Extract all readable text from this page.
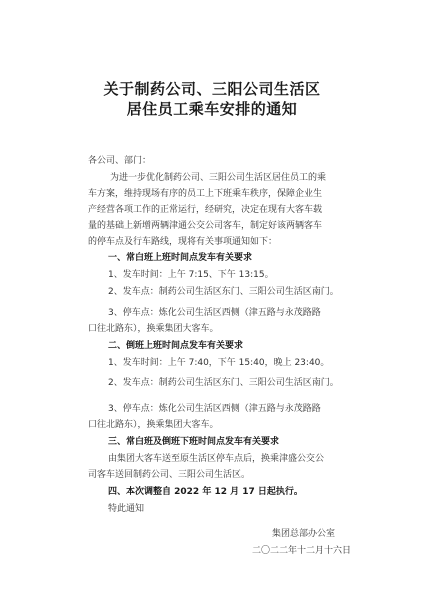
关于制药公司、三阳公司生活区
居住员工乘车安排的通知
各公司、部门：
为进一步优化制药公司、三阳公司生活区居住员工的乘
车方案，维持现场有序的员工上下班乘车秩序，保障企业生
产经营各项工作的正常运行，经研究，决定在现有大客车载
量的基础上新增两辆津通公交公司客车，制定好该两辆客车
的停车点及行车路线，现将有关事项通知如下：
一、常白班上班时间点发车有关要求
1、发车时间：上午 7:15、下午 13:15。
2、发车点：制药公司生活区东门、三阳公司生活区南门。
3、停车点：炼化公司生活区西侧（津五路与永茂路路
口往北路东），换乘集团大客车。
二、倒班上班时间点发车有关要求
1、发车时间：上午 7:40，下午 15:40，晚上 23:40。
2、发车点：制药公司生活区东门、三阳公司生活区南门。
3、停车点：炼化公司生活区西侧（津五路与永茂路路
口往北路东），换乘集团大客车。
三、常白班及倒班下班时间点发车有关要求
由集团大客车送至原生活区停车点后，换乘津盛公交公
司客车送回制药公司、三阳公司生活区。
四、本次调整自 2022 年 12 月 17 日起执行。
特此通知
集团总部办公室
二〇二二年十二月十六日
